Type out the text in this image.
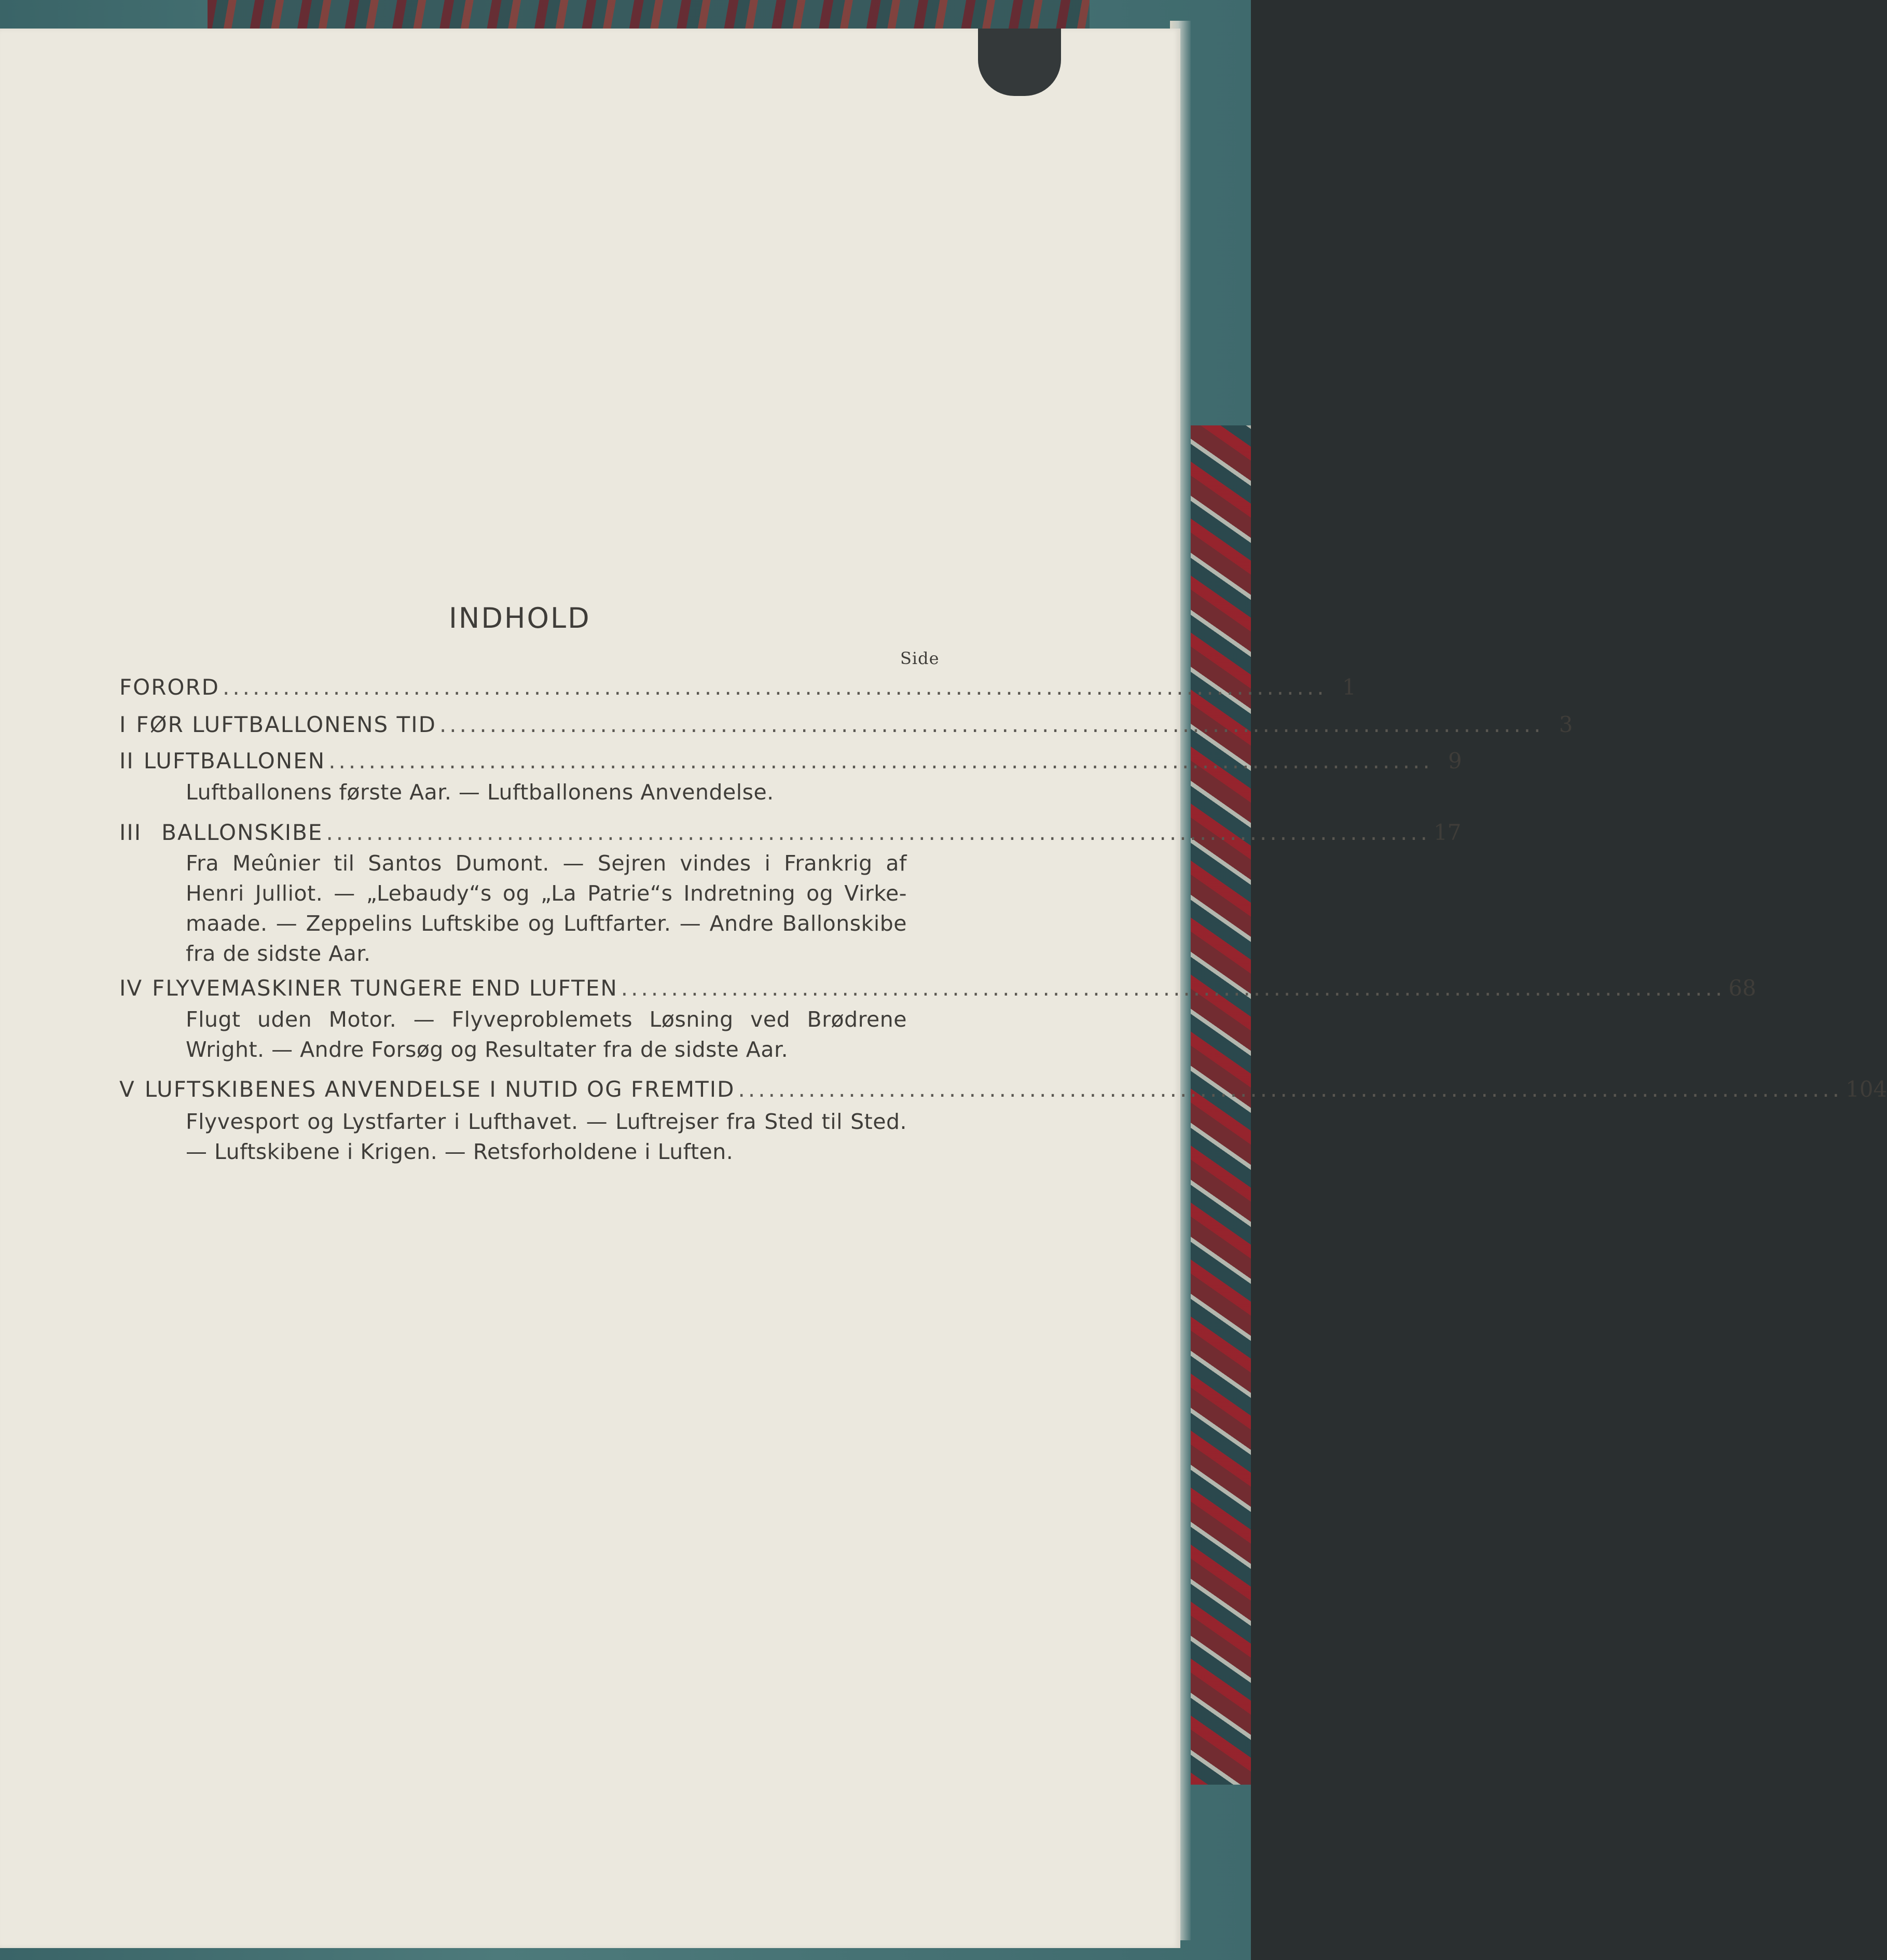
INDHOLD
Side
FORORD .............................................................................................................. 1
I FØR LUFTBALLONENS TID .............................................................................................................. 3
II LUFTBALLONEN .............................................................................................................. 9

Luftballonens første Aar. — Luftballonens Anvendelse.

III BALLONSKIBE .............................................................................................................. 17

Fra Meûnier til Santos Dumont. — Sejren vindes i Frankrig af Henri Julliot. — „Lebaudy“s og „La Patrie“s Indretning og Virke-maade. — Zeppelins Luftskibe og Luftfarter. — Andre Ballonskibe fra de sidste Aar.

IV FLYVEMASKINER TUNGERE END LUFTEN .............................................................................................................. 68

Flugt uden Motor. — Flyveproblemets Løsning ved Brødrene Wright. — Andre Forsøg og Resultater fra de sidste Aar.

V LUFTSKIBENES ANVENDELSE I NUTID OG FREMTID .............................................................................................................. 104

Flyvesport og Lystfarter i Lufthavet. — Luftrejser fra Sted til Sted. — Luftskibene i Krigen. — Retsforholdene i Luften.
